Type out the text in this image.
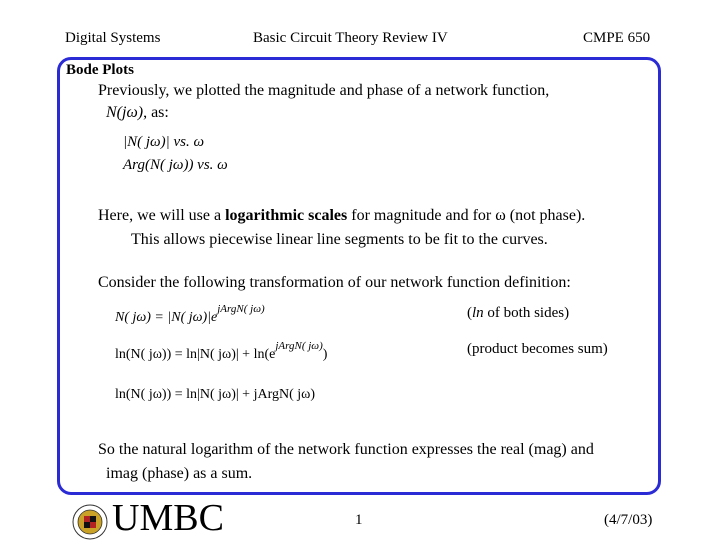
Digital Systems	Basic Circuit Theory Review IV	CMPE 650
Bode Plots
Previously, we plotted the magnitude and phase of a network function,
N(jω), as:
|N( jω)| vs. ω
Arg(N( jω)) vs. ω
Here, we will use a logarithmic scales for magnitude and for ω (not phase).
This allows piecewise linear line segments to be fit to the curves.
Consider the following transformation of our network function definition:
N( jω) = |N( $j\omega)|e^{jArgN( j\omega)}$	(ln of both sides)
ln(N( jω)) = ln|N( $j\omega)| + \ln(e^{jArgN( j\omega)})$	(product becomes sum)
ln(N( jω)) = ln|N( jω)| + jArgN( jω)
So the natural logarithm of the network function expresses the real (mag) and
imag (phase) as a sum.
UMBC	1	(4/7/03)
